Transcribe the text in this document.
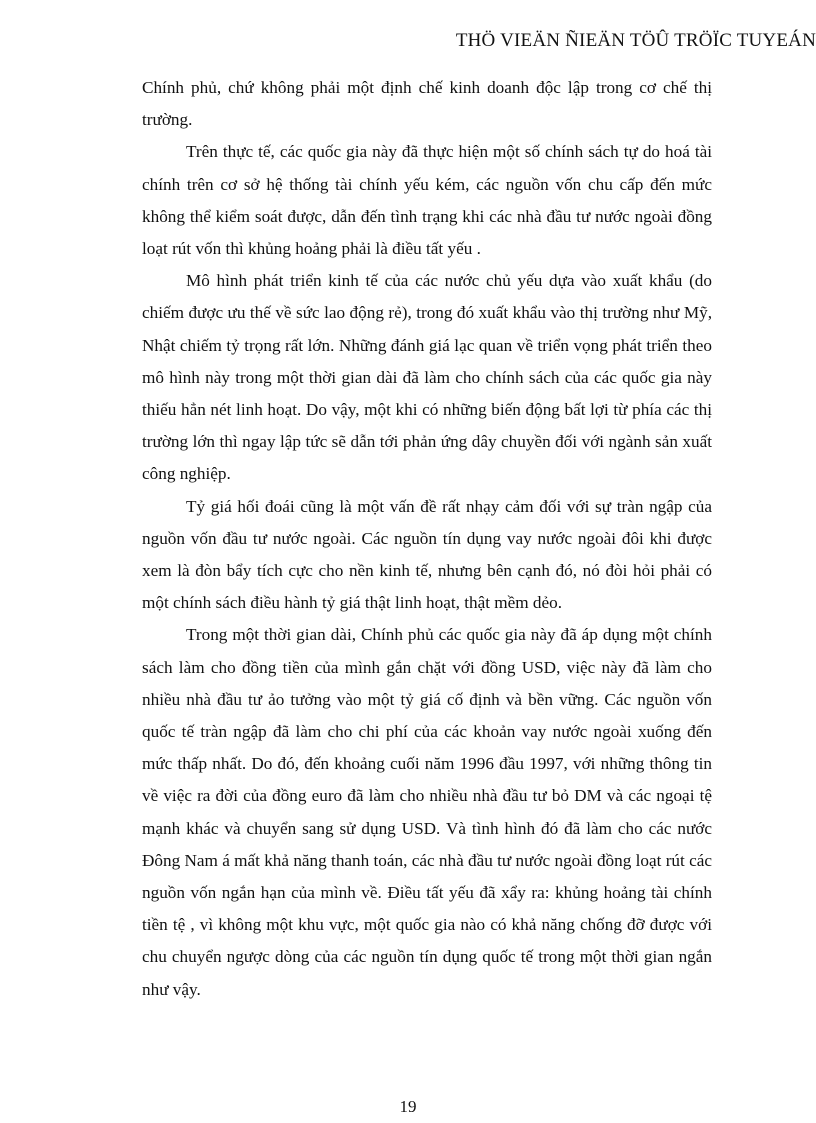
THÖ VIEÄN ÑIEÄN TÖÛ TRÖÏC TUYEÁN

Chính phủ, chứ không phải một định chế kinh doanh độc lập trong cơ chế thị trường.

Trên thực tế, các quốc gia này đã thực hiện một số chính sách tự do hoá tài chính trên cơ sở hệ thống tài chính yếu kém, các nguồn vốn chu cấp đến mức không thể kiểm soát được, dẫn đến tình trạng khi các nhà đầu tư nước ngoài đồng loạt rút vốn thì khủng hoảng phải là điều tất yếu .

Mô hình phát triển kinh tế của các nước chủ yếu dựa vào xuất khẩu (do chiếm được ưu thế về sức lao động rẻ), trong đó xuất khẩu vào thị trường như Mỹ, Nhật chiếm tỷ trọng rất lớn. Những đánh giá lạc quan về triển vọng phát triển theo mô hình này trong một thời gian dài đã làm cho chính sách của các quốc gia này thiếu hẳn nét linh hoạt. Do vậy, một khi có những biến động bất lợi từ phía các thị trường lớn thì ngay lập tức sẽ dẫn tới phản ứng dây chuyền đối với ngành sản xuất công nghiệp.

Tỷ giá hối đoái cũng là một vấn đề rất nhạy cảm đối với sự tràn ngập của nguồn vốn đầu tư nước ngoài. Các nguồn tín dụng vay nước ngoài đôi khi được xem là đòn bẩy tích cực cho nền kinh tế, nhưng bên cạnh đó, nó đòi hỏi phải có một chính sách điều hành tỷ giá thật linh hoạt, thật mềm dẻo.

Trong một thời gian dài, Chính phủ các quốc gia này đã áp dụng một chính sách làm cho đồng tiền của mình gắn chặt với đồng USD, việc này đã làm cho nhiều nhà đầu tư ảo tưởng vào một tỷ giá cố định và bền vững. Các nguồn vốn quốc tế tràn ngập đã làm cho chi phí của các khoản vay nước ngoài xuống đến mức thấp nhất. Do đó, đến khoảng cuối năm 1996 đầu 1997, với những thông tin về việc ra đời của đồng euro đã làm cho nhiều nhà đầu tư bỏ DM và các ngoại tệ mạnh khác và chuyển sang sử dụng USD. Và tình hình đó đã làm cho các nước Đông Nam á mất khả năng thanh toán, các nhà đầu tư nước ngoài đồng loạt rút các nguồn vốn ngắn hạn của mình về. Điều tất yếu đã xẩy ra: khủng hoảng tài chính tiền tệ , vì không một khu vực, một quốc gia nào có khả năng chống đỡ được với chu chuyển ngược dòng của các nguồn tín dụng quốc tế trong một thời gian ngắn như vậy.

19
